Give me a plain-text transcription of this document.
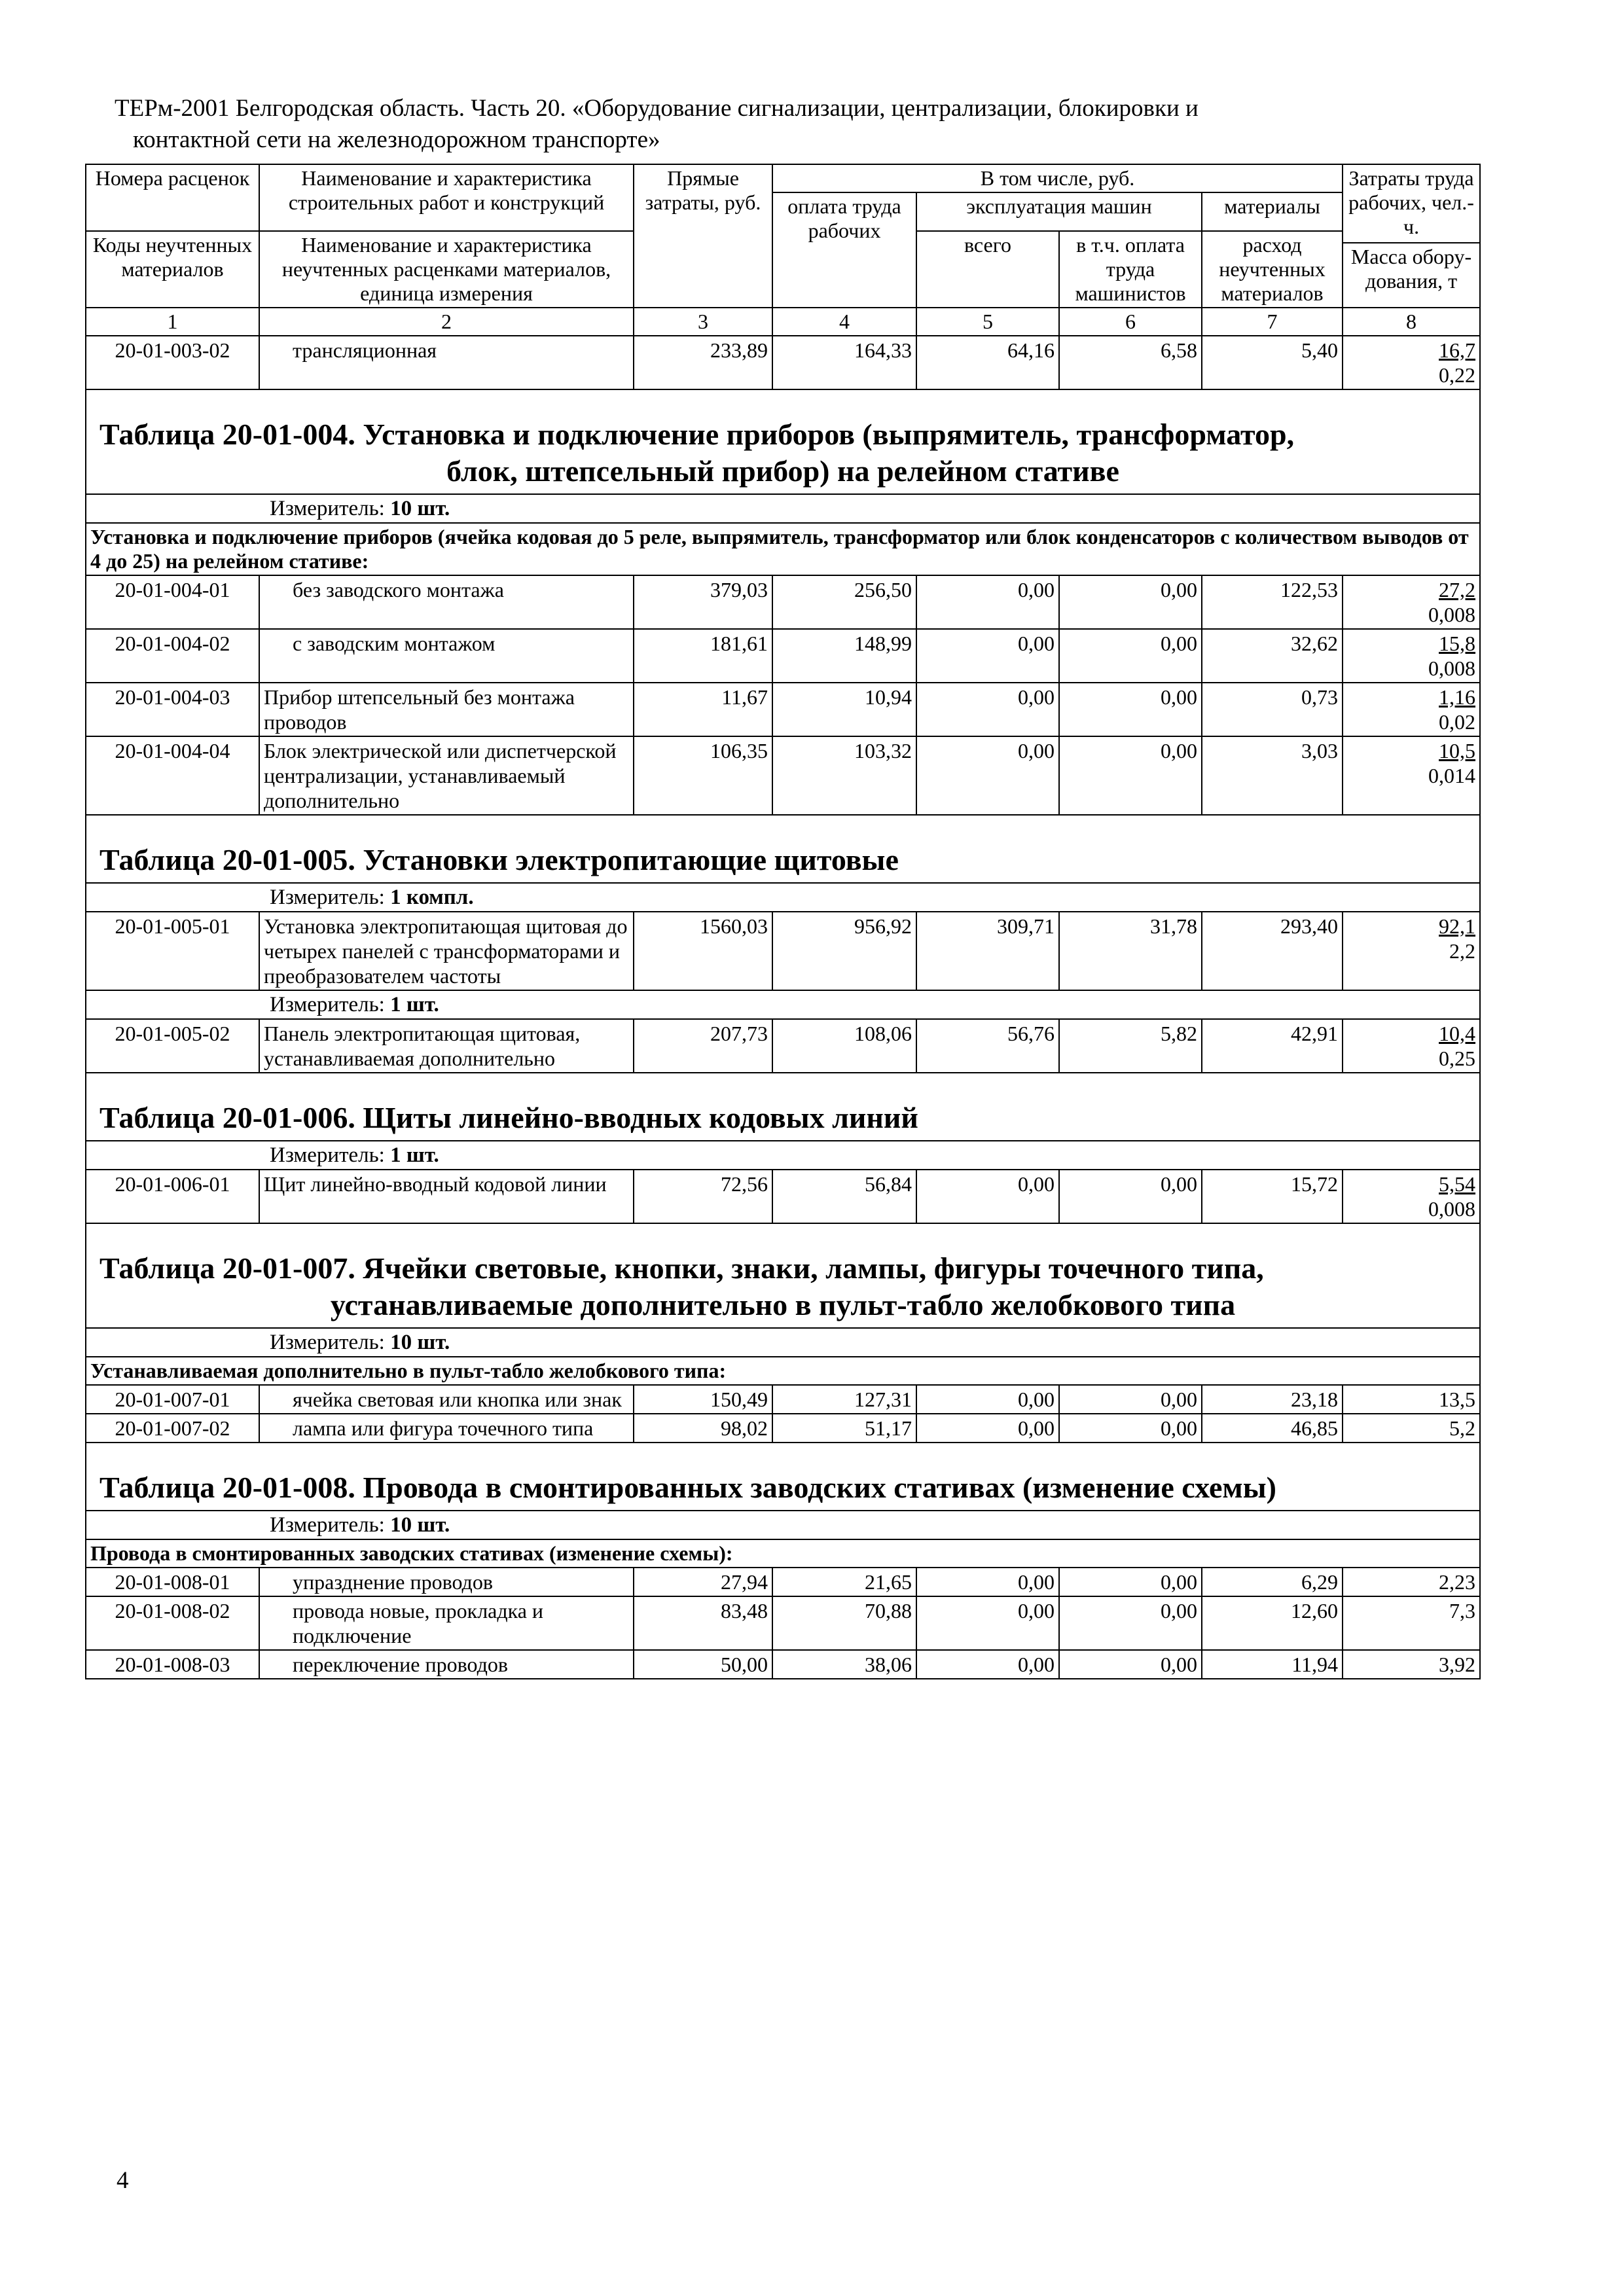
ТЕРм-2001 Белгородская область. Часть 20. «Оборудование сигнализации, централизации, блокировки и
контактной сети на железнодорожном транспорте»
Номера расценок	Наименование и характеристика строительных работ и конструкций	Прямые затраты, руб.	В том числе, руб.				Затраты труда рабочих, чел.-ч.
			оплата труда рабочих	эксплуатация машин		материалы	
Коды неучтенных материалов	Наименование и характеристика неучтенных расценками материалов, единица измерения			всего	в т.ч. оплата труда машинистов	расход неучтенных материалов	
							Масса обору-дования, т
1	2	3	4	5	6	7	8
20-01-003-02	трансляционная	233,89	164,33	64,16	6,58	5,40	16,7
0,22
Таблица 20-01-004. Установка и подключение приборов (выпрямитель, трансформатор,
блок, штепсельный прибор) на релейном стативе							

Измеритель: 10 шт.							
Установка и подключение приборов (ячейка кодовая до 5 реле, выпрямитель, трансформатор или блок конденсаторов с количеством выводов от 4 до 25) на релейном стативе:							
20-01-004-01	без заводского монтажа	379,03	256,50	0,00	0,00	122,53	27,2
0,008
20-01-004-02	с заводским монтажом	181,61	148,99	0,00	0,00	32,62	15,8
0,008
20-01-004-03	Прибор штепсельный без монтажа проводов	11,67	10,94	0,00	0,00	0,73	1,16
0,02
20-01-004-04	Блок электрической или диспетчерской централизации, устанавливаемый дополнительно	106,35	103,32	0,00	0,00	3,03	10,5
0,014
Таблица 20-01-005. Установки электропитающие щитовые							
Измеритель: 1 компл.							
20-01-005-01	Установка электропитающая щитовая до четырех панелей с трансформаторами и преобразователем частоты	1560,03	956,92	309,71	31,78	293,40	92,1
2,2
Измеритель: 1 шт.							
20-01-005-02	Панель электропитающая щитовая, устанавливаемая дополнительно	207,73	108,06	56,76	5,82	42,91	10,4
0,25
Таблица 20-01-006. Щиты линейно-вводных кодовых линий							
Измеритель: 1 шт.							
20-01-006-01	Щит линейно-вводный кодовой линии	72,56	56,84	0,00	0,00	15,72	5,54
0,008
Таблица 20-01-007. Ячейки световые, кнопки, знаки, лампы, фигуры точечного типа,
устанавливаемые дополнительно в пульт-табло желобкового типа							

Измеритель: 10 шт.							
Устанавливаемая дополнительно в пульт-табло желобкового типа:							
20-01-007-01	ячейка световая или кнопка или знак	150,49	127,31	0,00	0,00	23,18	13,5
20-01-007-02	лампа или фигура точечного типа	98,02	51,17	0,00	0,00	46,85	5,2
Таблица 20-01-008. Провода в смонтированных заводских стативах (изменение схемы)							
Измеритель: 10 шт.							
Провода в смонтированных заводских стативах (изменение схемы):							
20-01-008-01	упразднение проводов	27,94	21,65	0,00	0,00	6,29	2,23
20-01-008-02	провода новые, прокладка и подключение	83,48	70,88	0,00	0,00	12,60	7,3
20-01-008-03	переключение проводов	50,00	38,06	0,00	0,00	11,94	3,92
4
